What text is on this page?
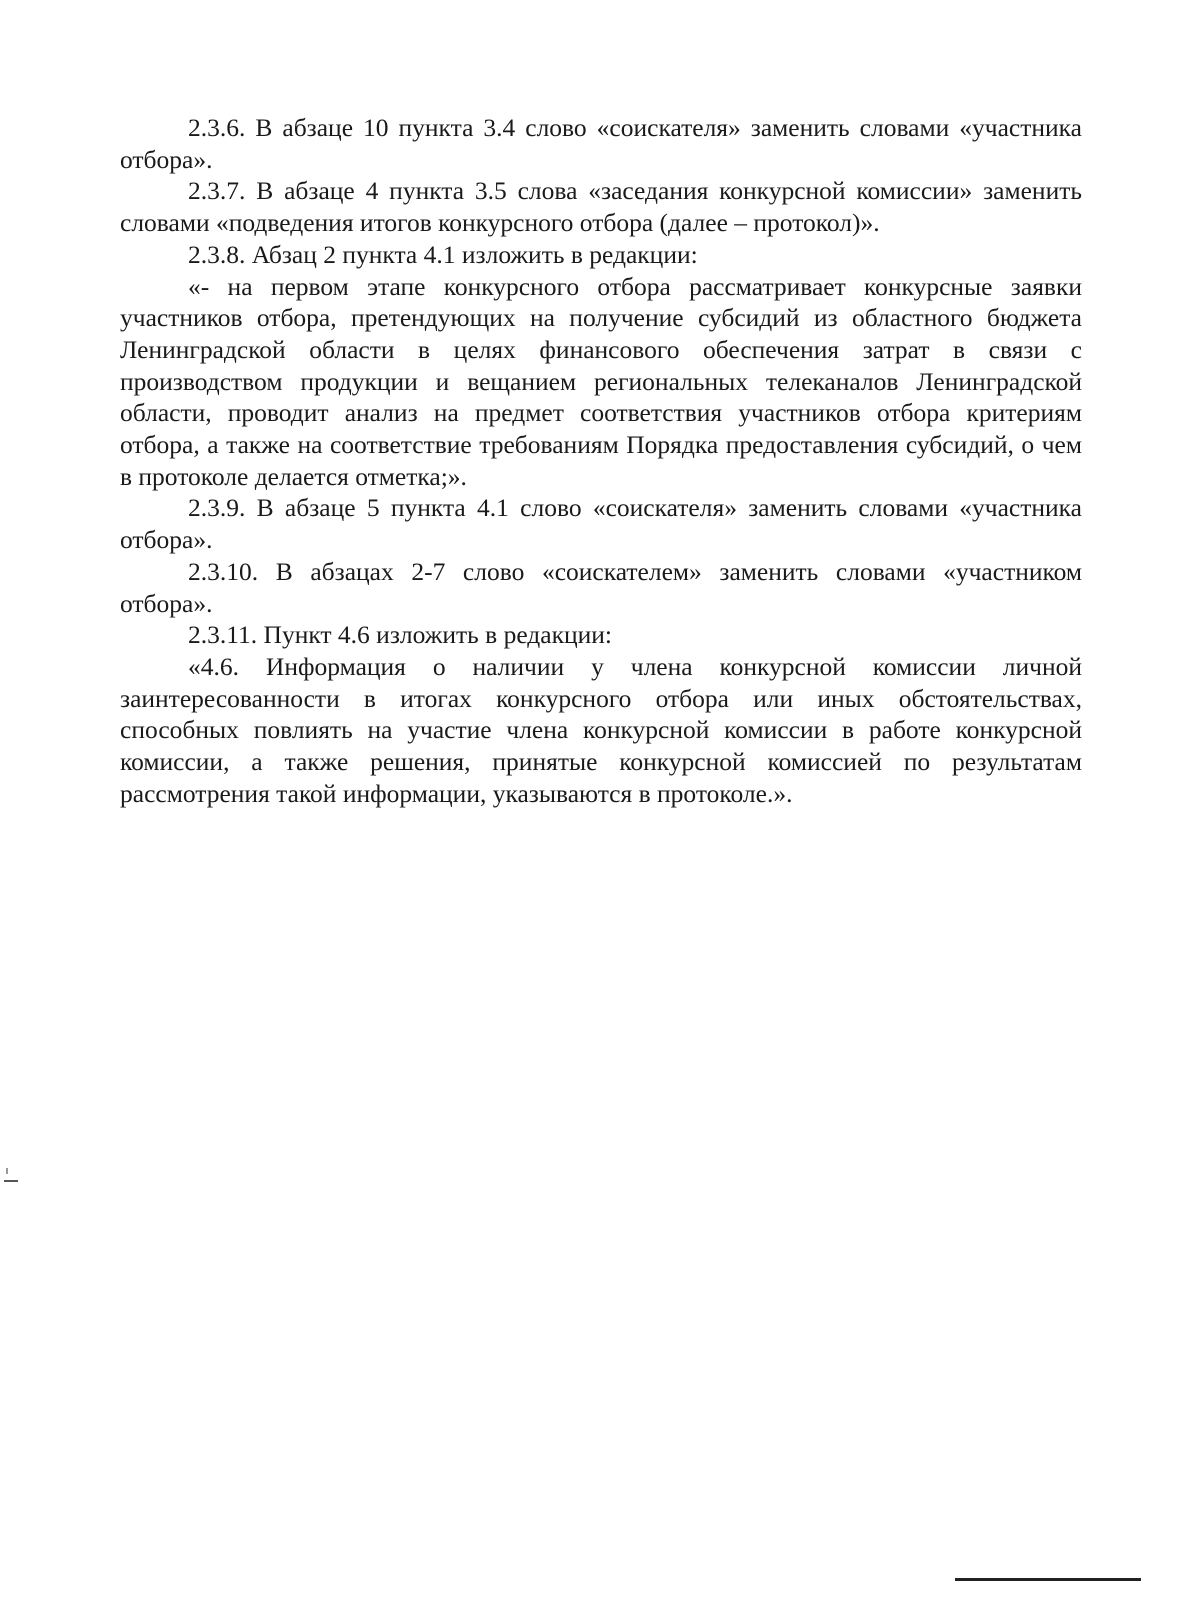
2.3.6. В абзаце 10 пункта 3.4 слово «соискателя» заменить словами «участника отбора».

2.3.7. В абзаце 4 пункта 3.5 слова «заседания конкурсной комиссии» заменить словами «подведения итогов конкурсного отбора (далее – протокол)».

2.3.8. Абзац 2 пункта 4.1 изложить в редакции:

«- на первом этапе конкурсного отбора рассматривает конкурсные заявки участников отбора, претендующих на получение субсидий из областного бюджета Ленинградской области в целях финансового обеспечения затрат в связи с производством продукции и вещанием региональных телеканалов Ленинградской области, проводит анализ на предмет соответствия участников отбора критериям отбора, а также на соответствие требованиям Порядка предоставления субсидий, о чем в протоколе делается отметка;».

2.3.9. В абзаце 5 пункта 4.1 слово «соискателя» заменить словами «участника отбора».

2.3.10. В абзацах 2-7 слово «соискателем» заменить словами «участником отбора».

2.3.11. Пункт 4.6 изложить в редакции:

«4.6. Информация о наличии у члена конкурсной комиссии личной заинтересованности в итогах конкурсного отбора или иных обстоятельствах, способных повлиять на участие члена конкурсной комиссии в работе конкурсной комиссии, а также решения, принятые конкурсной комиссией по результатам рассмотрения такой информации, указываются в протоколе.».
